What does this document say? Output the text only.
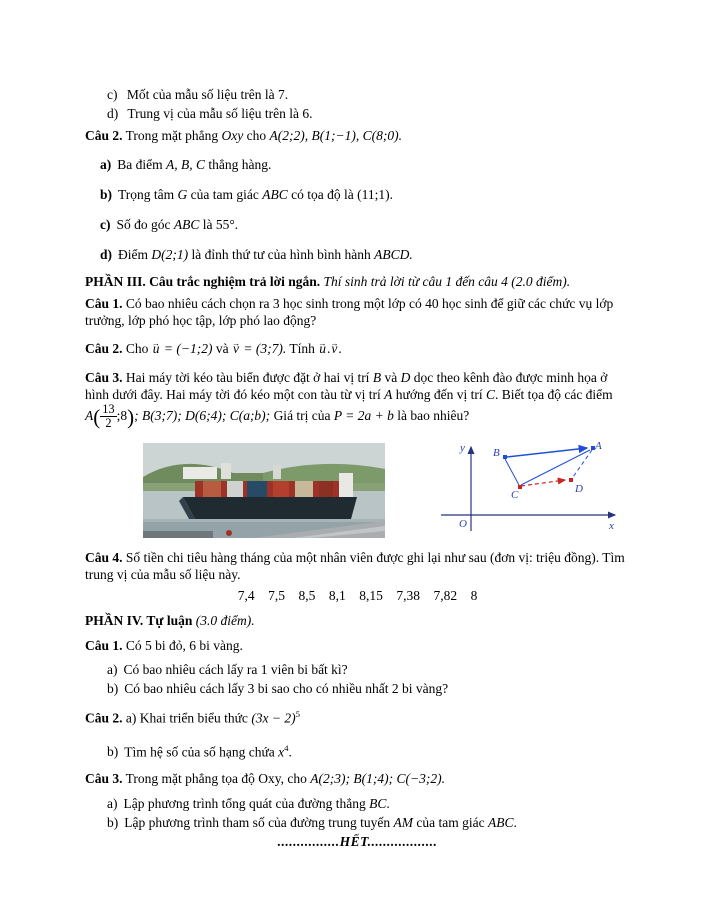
c) Mốt của mẫu số liệu trên là 7.
d) Trung vị của mẫu số liệu trên là 6.
Câu 2. Trong mặt phẳng Oxy cho A(2;2), B(1;−1), C(8;0).
a) Ba điểm A, B, C thẳng hàng.
b) Trọng tâm G của tam giác ABC có tọa độ là (11;1).
c) Số đo góc ABC là 55°.
d) Điểm D(2;1) là đỉnh thứ tư của hình bình hành ABCD.
PHẦN III. Câu trắc nghiệm trả lời ngắn. Thí sinh trả lời từ câu 1 đến câu 4 (2.0 điểm).
Câu 1. Có bao nhiêu cách chọn ra 3 học sinh trong một lớp có 40 học sinh để giữ các chức vụ lớp trưởng, lớp phó học tập, lớp phó lao động?
Câu 2. Cho → u = (−1;2) và → v = (3;7). Tính → u.→ v.
Câu 3. Hai máy tời kéo tàu biển được đặt ở hai vị trí B và D dọc theo kênh đào được minh họa ở hình dưới đây. Hai máy tời đó kéo một con tàu từ vị trí A hướng đến vị trí C. Biết tọa độ các điểm $A( \frac{13}{2}$ ;8); B(3;7); D(6;4); C(a;b); Giá trị của P = 2a + b là bao nhiêu?
y
x
O
A
B
C	D
Câu 4. Số tiền chi tiêu hàng tháng của một nhân viên được ghi lại như sau (đơn vị: triệu đồng). Tìm trung vị của mẫu số liệu này.
7,4    7,5    8,5    8,1    8,15    7,38    7,82    8
PHẦN IV. Tự luận (3.0 điểm).
Câu 1. Có 5 bi đỏ, 6 bi vàng.
a) Có bao nhiêu cách lấy ra 1 viên bi bất kì?
b) Có bao nhiêu cách lấy 3 bi sao cho có nhiều nhất 2 bi vàng?
Câu 2. a) Khai triển biểu thức $(3x - 2)^5$
b) Tìm hệ số của số hạng chứa $x^4$.
Câu 3. Trong mặt phẳng tọa độ Oxy, cho A(2;3); B(1;4); C(−3;2).
a) Lập phương trình tổng quát của đường thẳng BC.
b) Lập phương trình tham số của đường trung tuyến AM của tam giác ABC.
................HẾT..................
